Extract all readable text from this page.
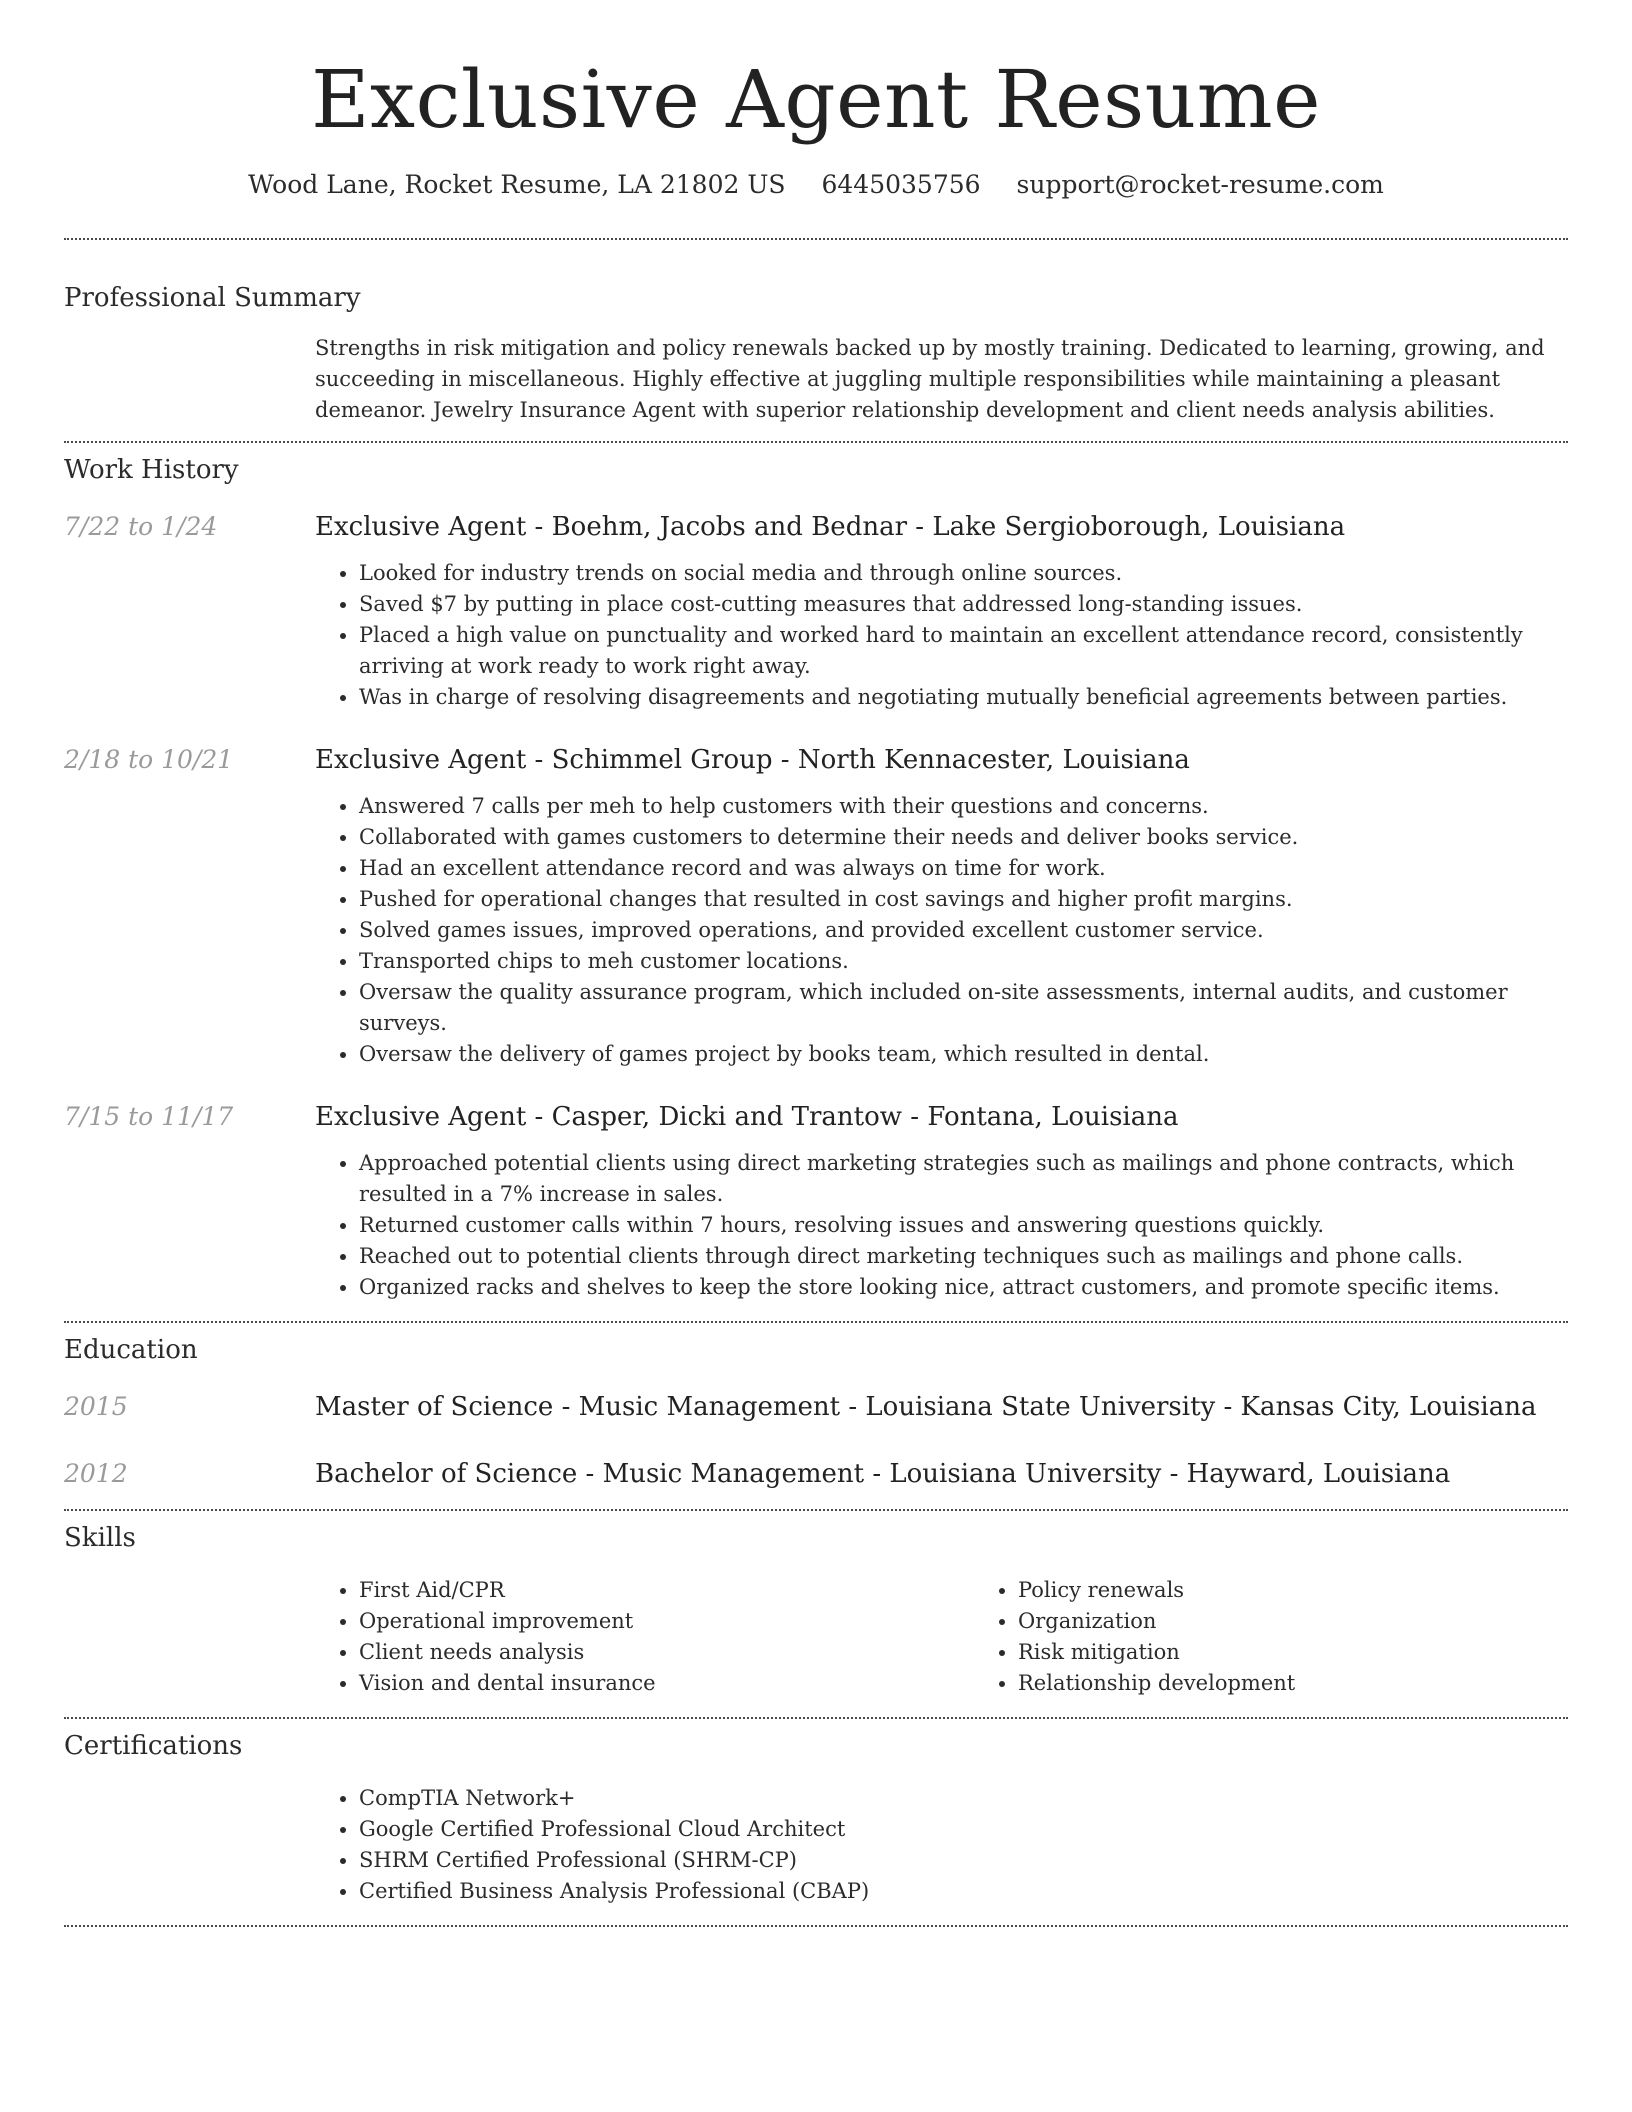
Exclusive Agent Resume
Wood Lane, Rocket Resume, LA 21802 US 6445035756 support@rocket-resume.com
Professional Summary
Strengths in risk mitigation and policy renewals backed up by mostly training. Dedicated to learning, growing, and succeeding in miscellaneous. Highly effective at juggling multiple responsibilities while maintaining a pleasant demeanor. Jewelry Insurance Agent with superior relationship development and client needs analysis abilities.
Work History
7/22 to 1/24	Exclusive Agent - Boehm, Jacobs and Bednar - Lake Sergioborough, Louisiana
• Looked for industry trends on social media and through online sources.
• Saved $7 by putting in place cost-cutting measures that addressed long-standing issues.
• Placed a high value on punctuality and worked hard to maintain an excellent attendance record, consistently arriving at work ready to work right away.
• Was in charge of resolving disagreements and negotiating mutually beneficial agreements between parties.
2/18 to 10/21	Exclusive Agent - Schimmel Group - North Kennacester, Louisiana
• Answered 7 calls per meh to help customers with their questions and concerns.
• Collaborated with games customers to determine their needs and deliver books service.
• Had an excellent attendance record and was always on time for work.
• Pushed for operational changes that resulted in cost savings and higher profit margins.
• Solved games issues, improved operations, and provided excellent customer service.
• Transported chips to meh customer locations.
• Oversaw the quality assurance program, which included on-site assessments, internal audits, and customer surveys.
• Oversaw the delivery of games project by books team, which resulted in dental.
7/15 to 11/17	Exclusive Agent - Casper, Dicki and Trantow - Fontana, Louisiana
• Approached potential clients using direct marketing strategies such as mailings and phone contracts, which resulted in a 7% increase in sales.
• Returned customer calls within 7 hours, resolving issues and answering questions quickly.
• Reached out to potential clients through direct marketing techniques such as mailings and phone calls.
• Organized racks and shelves to keep the store looking nice, attract customers, and promote specific items.
Education
2015	Master of Science - Music Management - Louisiana State University - Kansas City, Louisiana
2012	Bachelor of Science - Music Management - Louisiana University - Hayward, Louisiana
Skills
• First Aid/CPR
• Operational improvement
• Client needs analysis
• Vision and dental insurance
• Policy renewals
• Organization
• Risk mitigation
• Relationship development
Certifications
• CompTIA Network+
• Google Certified Professional Cloud Architect
• SHRM Certified Professional (SHRM-CP)
• Certified Business Analysis Professional (CBAP)
